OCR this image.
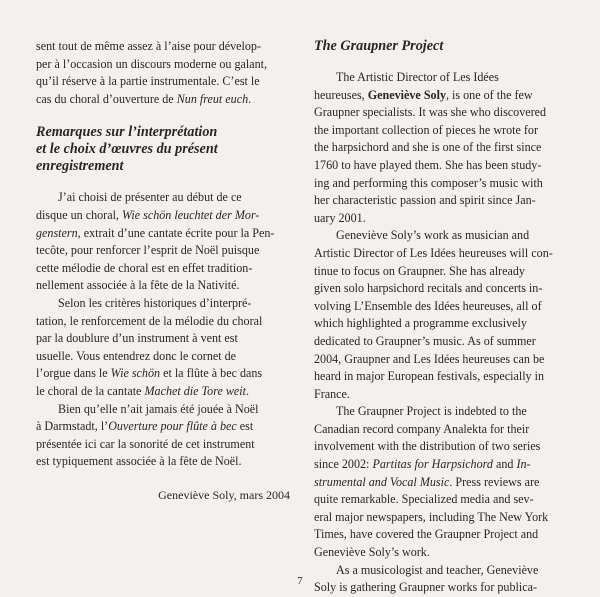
sent tout de même assez à l’aise pour dévelop-
per à l’occasion un discours moderne ou galant,
qu’il réserve à la partie instrumentale. C’est le
cas du choral d’ouverture de Nun freut euch.

Remarques sur l’interprétation
et le choix d’œuvres du présent
enregistrement

J’ai choisi de présenter au début de ce
disque un choral, Wie schön leuchtet der Mor-
genstern, extrait d’une cantate écrite pour la Pen-
tecôte, pour renforcer l’esprit de Noël puisque
cette mélodie de choral est en effet tradition-
nellement associée à la fête de la Nativité.

Selon les critères historiques d’interpré-
tation, le renforcement de la mélodie du choral
par la doublure d’un instrument à vent est
usuelle. Vous entendrez donc le cornet de
l’orgue dans le Wie schön et la flûte à bec dans
le choral de la cantate Machet die Tore weit.

Bien qu’elle n’ait jamais été jouée à Noël
à Darmstadt, l’Ouverture pour flûte à bec est
présentée ici car la sonorité de cet instrument
est typiquement associée à la fête de Noël.

Geneviève Soly, mars 2004
The Graupner Project

The Artistic Director of Les Idées
heureuses, Geneviève Soly, is one of the few
Graupner specialists. It was she who discovered
the important collection of pieces he wrote for
the harpsichord and she is one of the first since
1760 to have played them. She has been study-
ing and performing this composer’s music with
her characteristic passion and spirit since Jan-
uary 2001.

Geneviève Soly’s work as musician and
Artistic Director of Les Idées heureuses will con-
tinue to focus on Graupner. She has already
given solo harpsichord recitals and concerts in-
volving L’Ensemble des Idées heureuses, all of
which highlighted a programme exclusively
dedicated to Graupner’s music. As of summer
2004, Graupner and Les Idées heureuses can be
heard in major European festivals, especially in
France.

The Graupner Project is indebted to the
Canadian record company Analekta for their
involvement with the distribution of two series
since 2002: Partitas for Harpsichord and In-
strumental and Vocal Music. Press reviews are
quite remarkable. Specialized media and sev-
eral major newspapers, including The New York
Times, have covered the Graupner Project and
Geneviève Soly’s work.

As a musicologist and teacher, Geneviève
Soly is gathering Graupner works for publica-

7
